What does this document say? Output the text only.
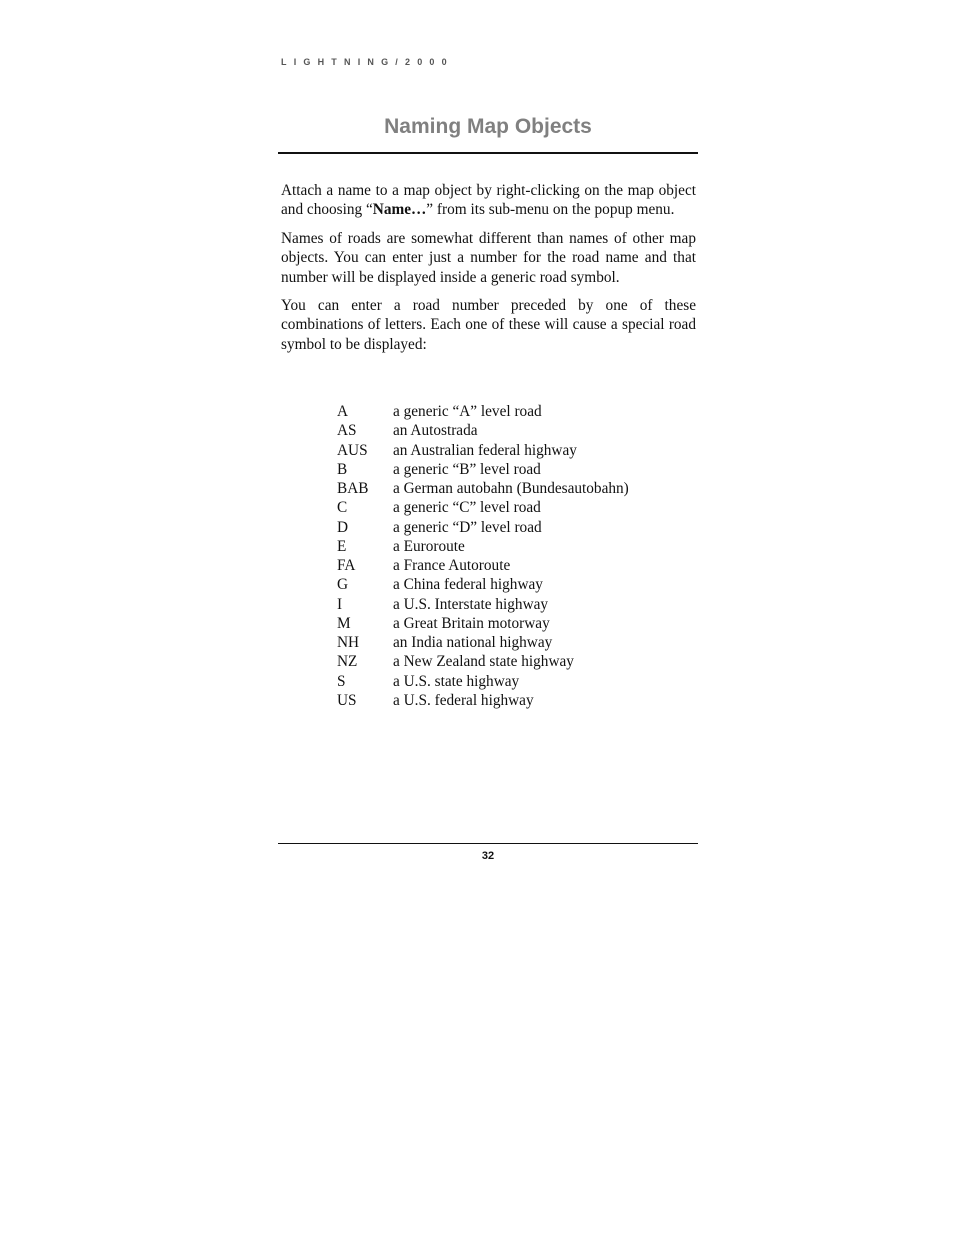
LIGHTNING/2000
Naming Map Objects

Attach a name to a map object by right-clicking on the map object and choosing “Name…” from its sub-menu on the popup menu.

Names of roads are somewhat different than names of other map objects. You can enter just a number for the road name and that number will be displayed inside a generic road symbol.

You can enter a road number preceded by one of these combinations of letters. Each one of these will cause a special road symbol to be displayed:

A	a generic “A” level road
AS	an Autostrada
AUS	an Australian federal highway
B	a generic “B” level road
BAB	a German autobahn (Bundesautobahn)
C	a generic “C” level road
D	a generic “D” level road
E	a Euroroute
FA	a France Autoroute
G	a China federal highway
I	a U.S. Interstate highway
M	a Great Britain motorway
NH	an India national highway
NZ	a New Zealand state highway
S	a U.S. state highway
US	a U.S. federal highway
32
